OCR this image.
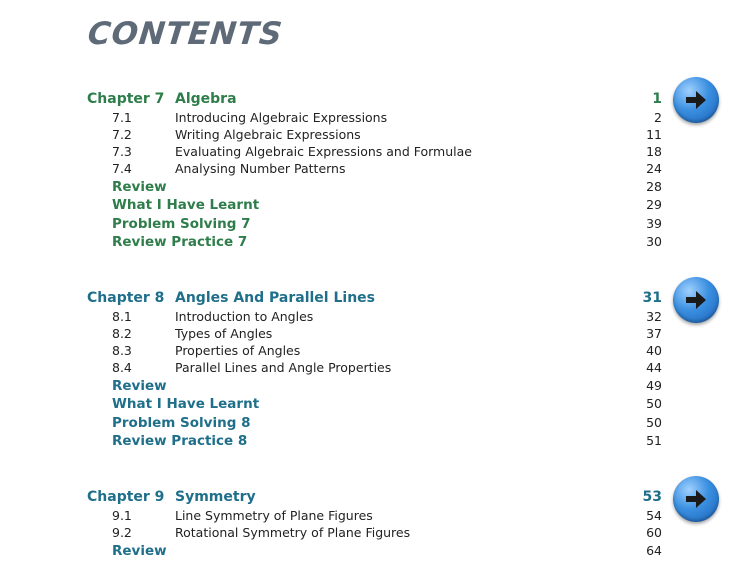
CONTENTS
Chapter 7 Algebra	1
7.1	Introducing Algebraic Expressions	2
7.2	Writing Algebraic Expressions	11
7.3	Evaluating Algebraic Expressions and Formulae	18
7.4	Analysing Number Patterns	24
Review	28
What I Have Learnt	29
Problem Solving 7	39
Review Practice 7	30
Chapter 8 Angles And Parallel Lines	31
8.1	Introduction to Angles	32
8.2	Types of Angles	37
8.3	Properties of Angles	40
8.4	Parallel Lines and Angle Properties	44
Review	49
What I Have Learnt	50
Problem Solving 8	50
Review Practice 8	51
Chapter 9 Symmetry	53
9.1	Line Symmetry of Plane Figures	54
9.2	Rotational Symmetry of Plane Figures	60
Review	64
